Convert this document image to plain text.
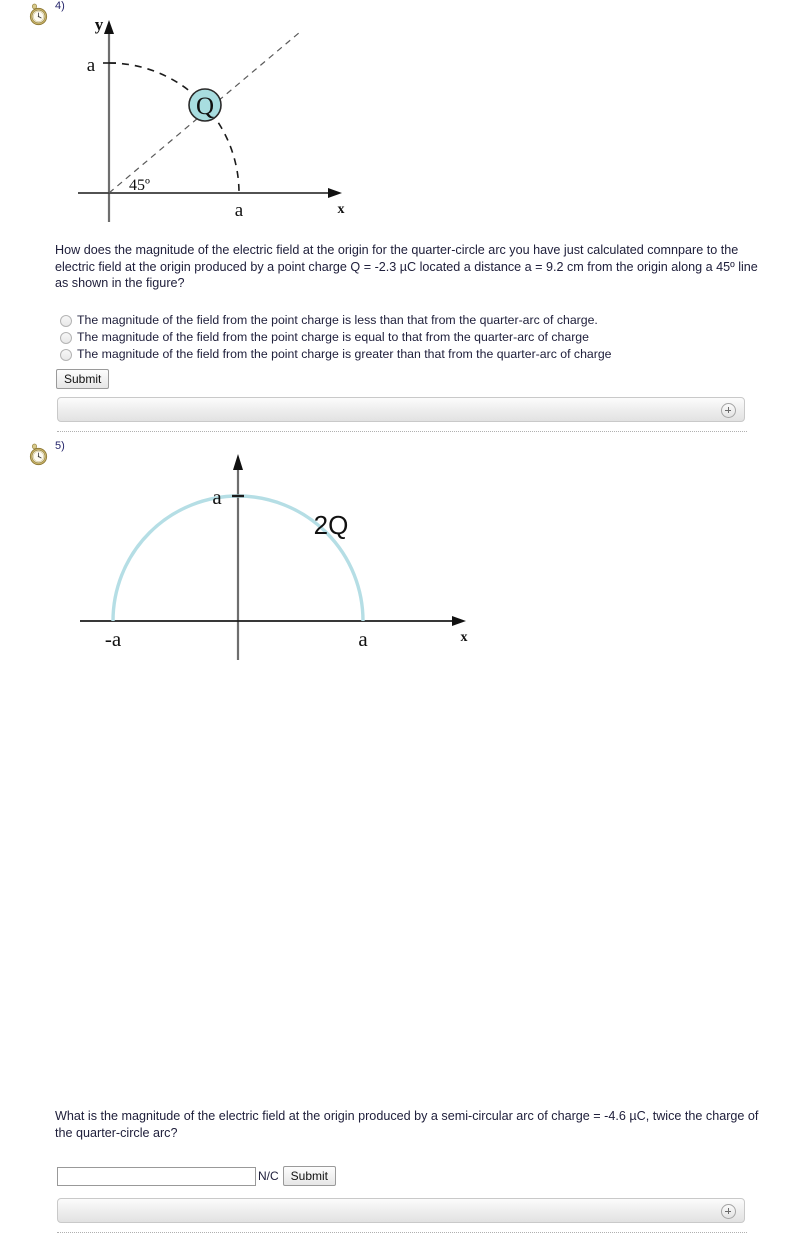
4)
Q
a
a
y
x
45º
How does the magnitude of the electric field at the origin for the quarter-circle arc you have just calculated comnpare to the electric field at the origin produced by a point charge Q = -2.3 µC located a distance a = 9.2 cm from the origin along a 45º line as shown in the figure?
The magnitude of the field from the point charge is less than that from the quarter-arc of charge.
The magnitude of the field from the point charge is equal to that from the quarter-arc of charge
The magnitude of the field from the point charge is greater than that from the quarter-arc of charge
Submit
5)
a
-a	a
2Q
x
What is the magnitude of the electric field at the origin produced by a semi-circular arc of charge = -4.6 µC, twice the charge of the quarter-circle arc?
N/C	Submit
